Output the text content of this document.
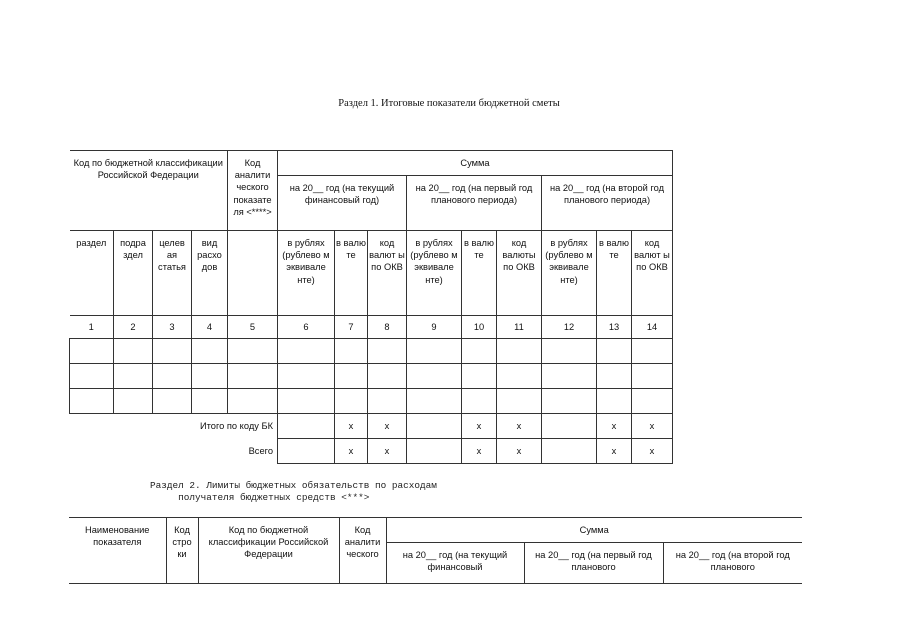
Раздел 1. Итоговые показатели бюджетной сметы
Код по бюджетной классификации Российской Федерации				Код аналити ческого показате ля <****>	Сумма								
					на 20__ год (на текущий финансовый год)			на 20__ год (на первый год планового периода)			на 20__ год (на второй год планового периода)		
раздел	подра здел	целев ая статья	вид расхо дов		в рублях (рублево м эквивале нте)	в валю те	код валют ы по ОКВ	в рублях (рублево м эквивале нте)	в валю те	код валюты по ОКВ	в рублях (рублево м эквивале нте)	в валю те	код валют ы по ОКВ
1	2	3	4	5	6	7	8	9	10	11	12	13	14

Итого по коду БК						x	x		x	x		x	x
Всего						x	x		x	x		x	x
Раздел 2. Лимиты бюджетных обязательств по расходам
получателя бюджетных средств <***>
Наименование показателя	Код стро ки	Код по бюджетной классификации Российской Федерации	Код аналити ческого	Сумма		
				на 20__ год (на текущий финансовый	на 20__ год (на первый год планового	на 20__ год (на второй год планового
